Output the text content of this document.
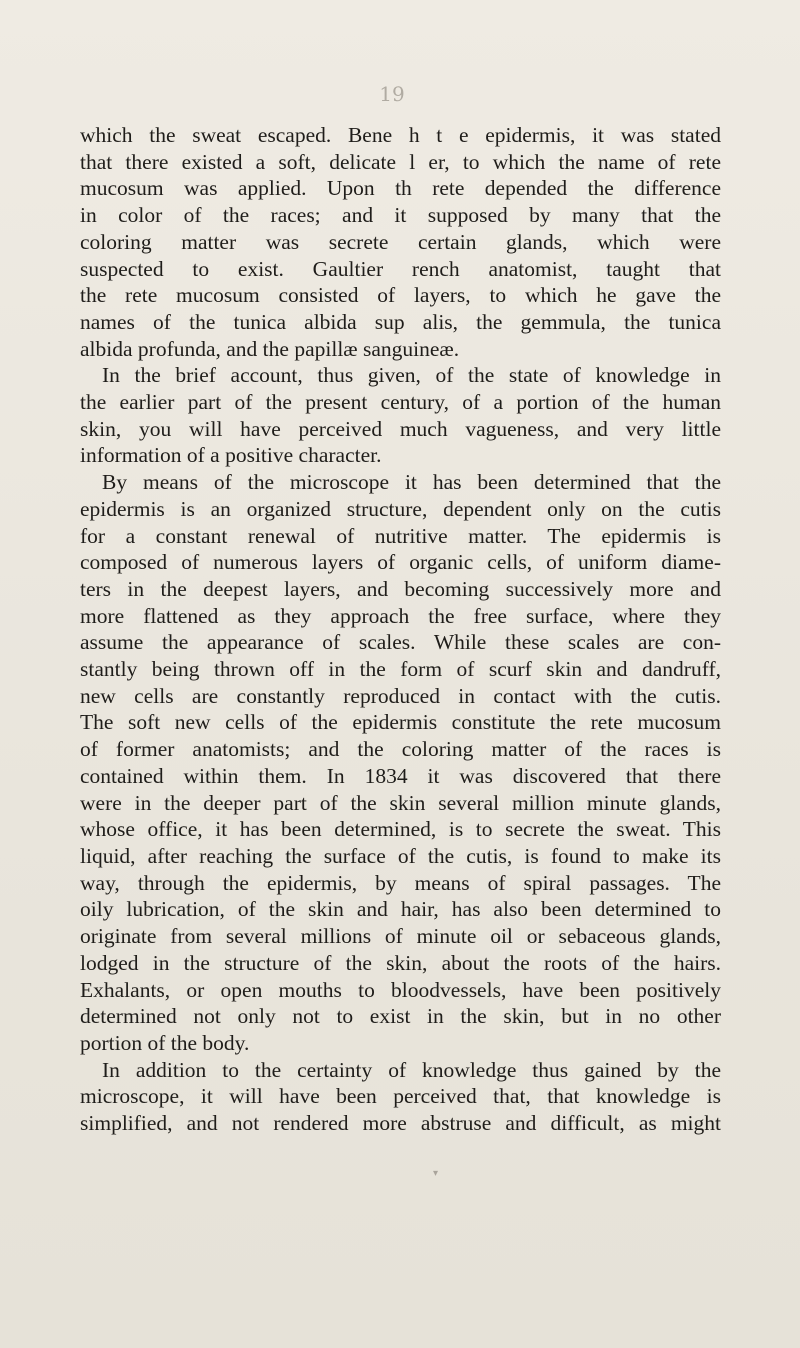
19
which the sweat escaped. Bene h t e epidermis, it was stated
that there existed a soft, delicate l er, to which the name of rete
mucosum was applied. Upon th rete depended the difference
in color of the races; and it supposed by many that the
coloring matter was secrete certain glands, which were
suspected to exist. Gaultier rench anatomist, taught that
the rete mucosum consisted of layers, to which he gave the
names of the tunica albida sup alis, the gemmula, the tunica
albida profunda, and the papillæ sanguineæ.
In the brief account, thus given, of the state of knowledge in
the earlier part of the present century, of a portion of the human
skin, you will have perceived much vagueness, and very little
information of a positive character.
By means of the microscope it has been determined that the
epidermis is an organized structure, dependent only on the cutis
for a constant renewal of nutritive matter. The epidermis is
composed of numerous layers of organic cells, of uniform diame-
ters in the deepest layers, and becoming successively more and
more flattened as they approach the free surface, where they
assume the appearance of scales. While these scales are con-
stantly being thrown off in the form of scurf skin and dandruff,
new cells are constantly reproduced in contact with the cutis.
The soft new cells of the epidermis constitute the rete mucosum
of former anatomists; and the coloring matter of the races is
contained within them. In 1834 it was discovered that there
were in the deeper part of the skin several million minute glands,
whose office, it has been determined, is to secrete the sweat. This
liquid, after reaching the surface of the cutis, is found to make its
way, through the epidermis, by means of spiral passages. The
oily lubrication, of the skin and hair, has also been determined to
originate from several millions of minute oil or sebaceous glands,
lodged in the structure of the skin, about the roots of the hairs.
Exhalants, or open mouths to bloodvessels, have been positively
determined not only not to exist in the skin, but in no other
portion of the body.
In addition to the certainty of knowledge thus gained by the
microscope, it will have been perceived that, that knowledge is
simplified, and not rendered more abstruse and difficult, as might
▾
